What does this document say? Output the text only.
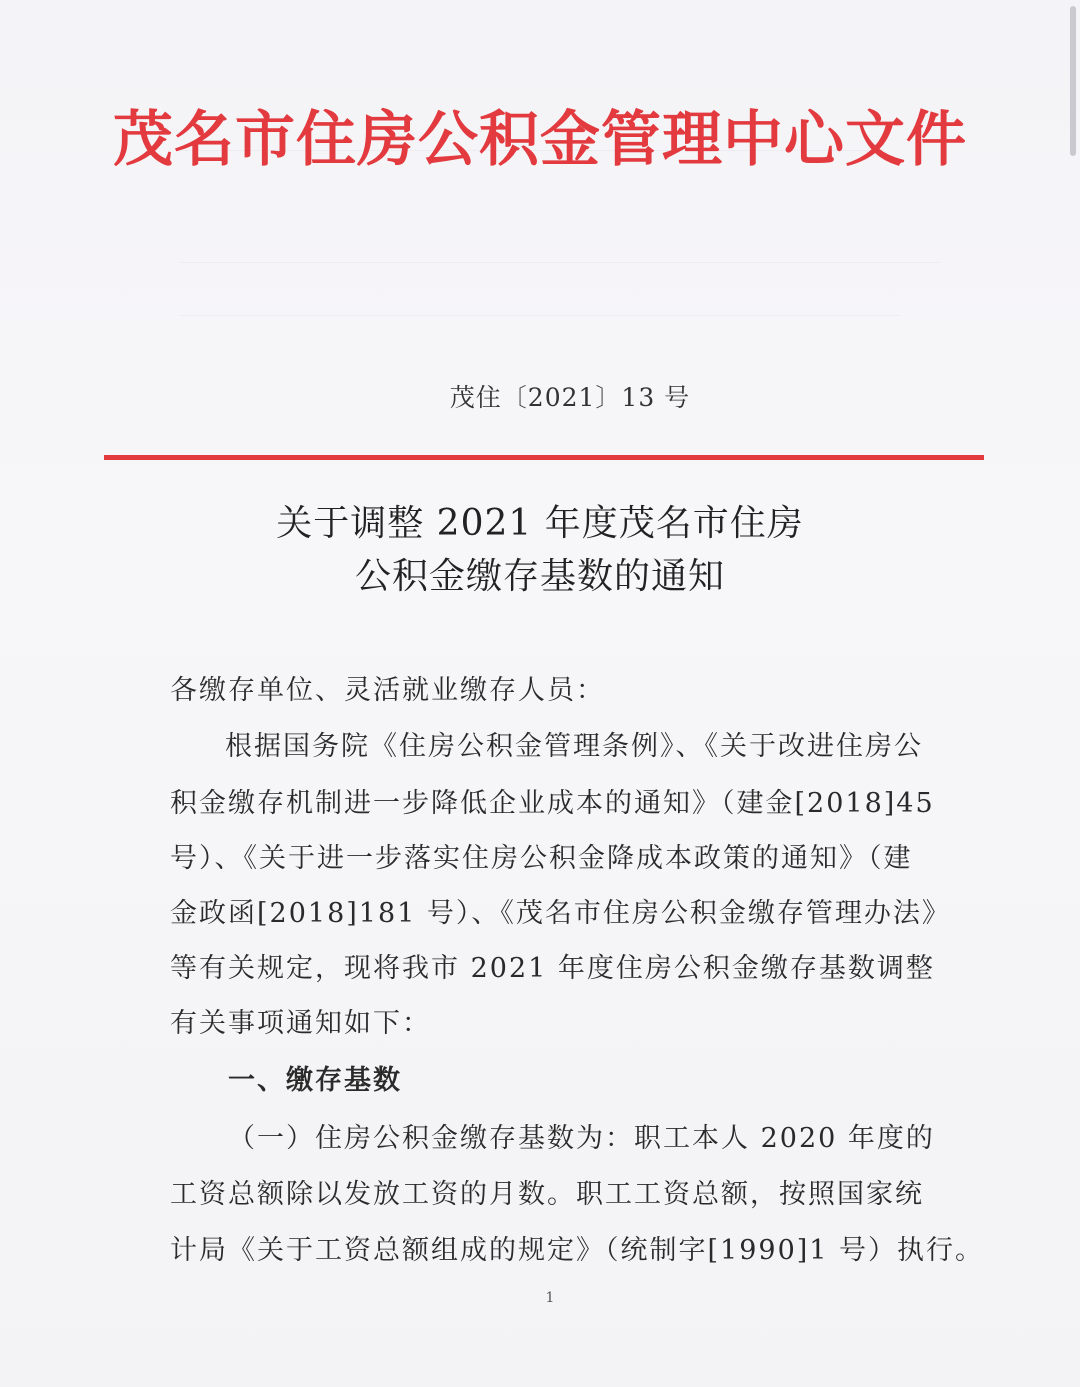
茂名市住房公积金管理中心文件
茂住〔2021〕13 号
关于调整 2021 年度茂名市住房
公积金缴存基数的通知
各缴存单位、灵活就业缴存人员：
根据国务院《住房公积金管理条例》、《关于改进住房公
积金缴存机制进一步降低企业成本的通知》（建金[2018]45
号）、《关于进一步落实住房公积金降成本政策的通知》（建
金政函[2018]181 号）、《茂名市住房公积金缴存管理办法》
等有关规定，现将我市 2021 年度住房公积金缴存基数调整
有关事项通知如下：
一、缴存基数
（一）住房公积金缴存基数为：职工本人 2020 年度的
工资总额除以发放工资的月数。职工工资总额，按照国家统
计局《关于工资总额组成的规定》（统制字[1990]1 号）执行。
1
